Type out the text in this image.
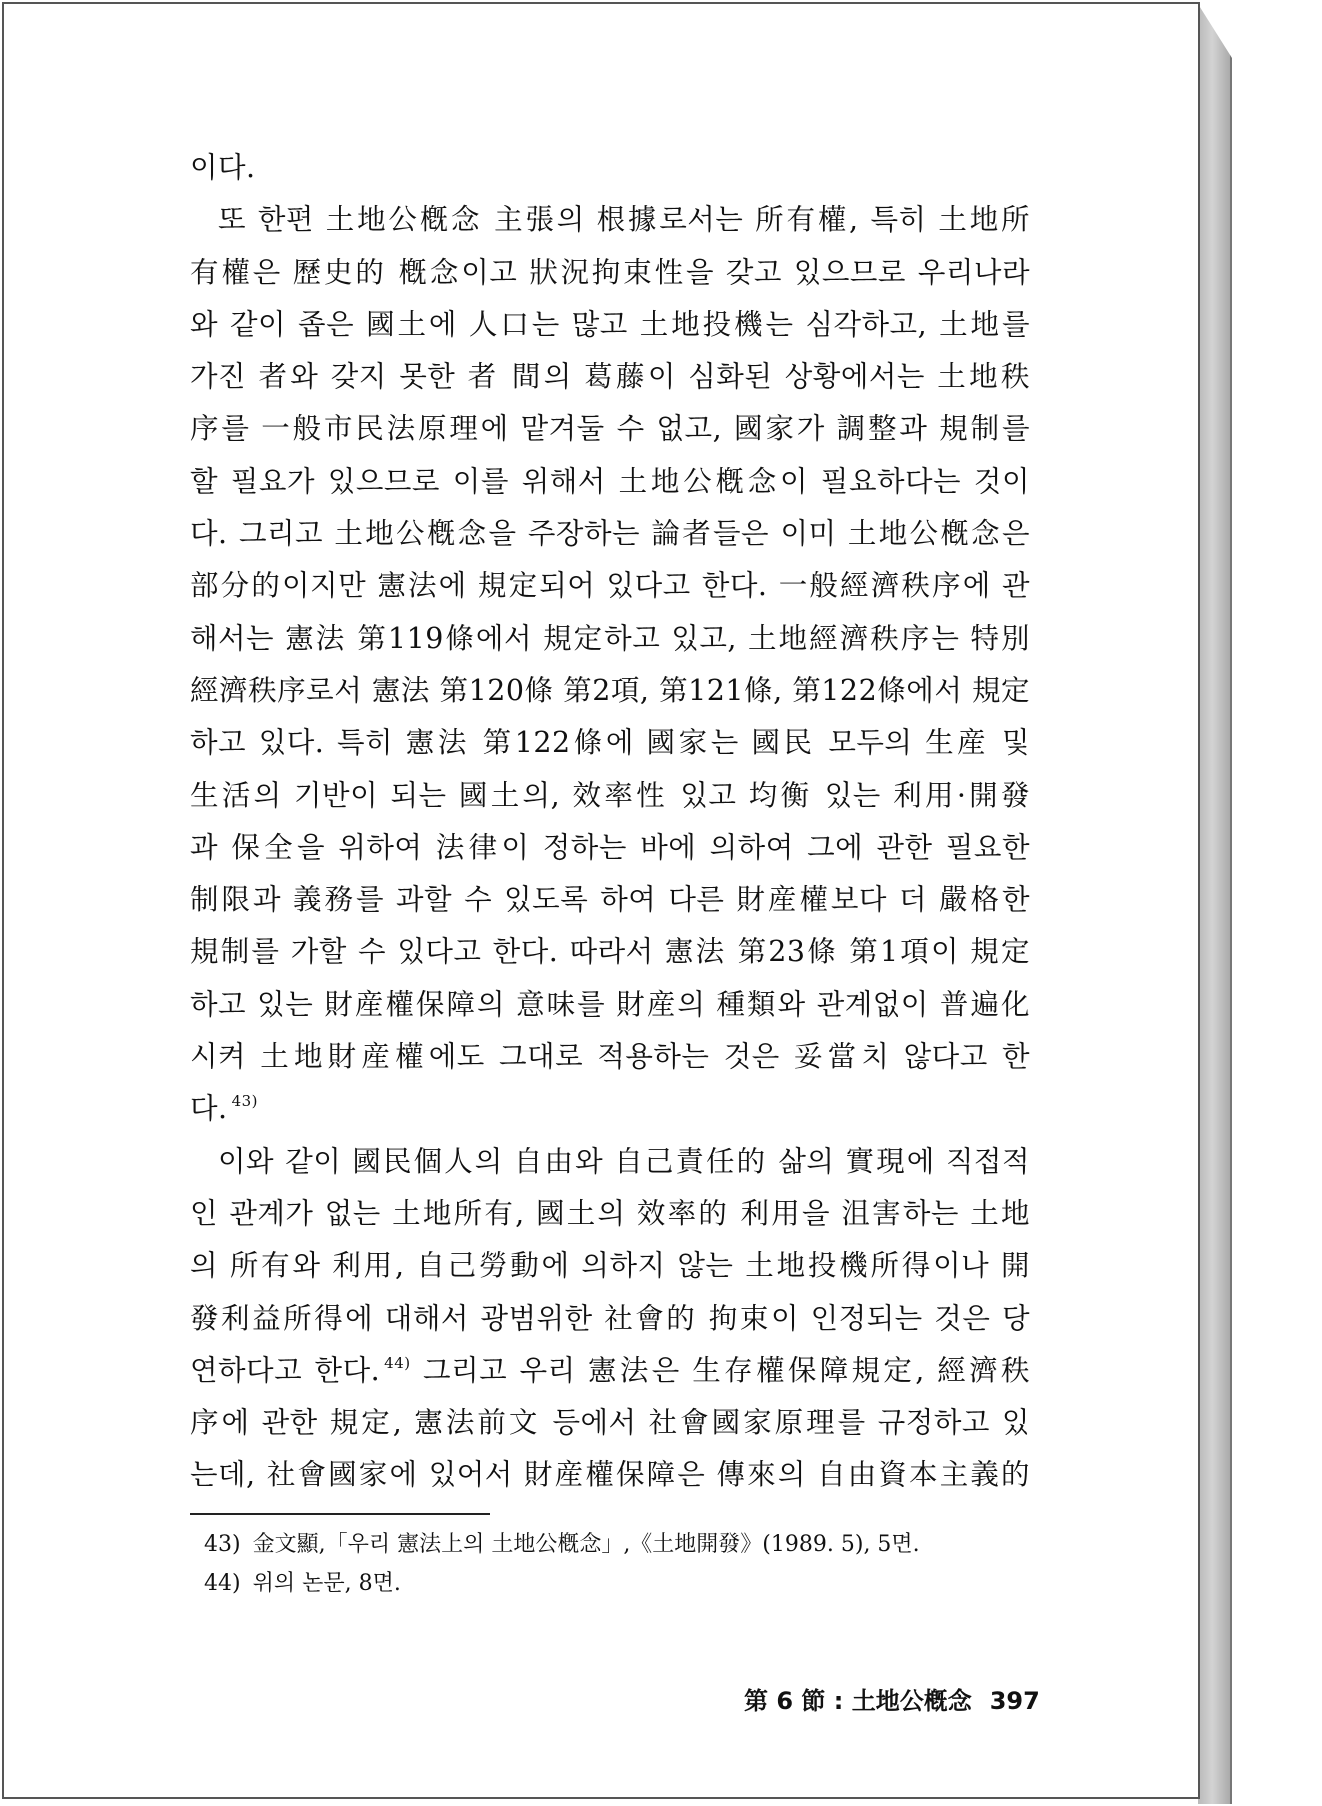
이다.
또 한편 土地公槪念 主張의 根據로서는 所有權, 특히 土地所
有權은 歷史的 槪念이고 狀況拘束性을 갖고 있으므로 우리나라
와 같이 좁은 國土에 人口는 많고 土地投機는 심각하고, 土地를
가진 者와 갖지 못한 者 間의 葛藤이 심화된 상황에서는 土地秩
序를 一般市民法原理에 맡겨둘 수 없고, 國家가 調整과 規制를
할 필요가 있으므로 이를 위해서 土地公槪念이 필요하다는 것이
다. 그리고 土地公槪念을 주장하는 論者들은 이미 土地公槪念은
部分的이지만 憲法에 規定되어 있다고 한다. 一般經濟秩序에 관
해서는 憲法 第119條에서 規定하고 있고, 土地經濟秩序는 特別
經濟秩序로서 憲法 第120條 第2項, 第121條, 第122條에서 規定
하고 있다. 특히 憲法 第122條에 國家는 國民 모두의 生産 및
生活의 기반이 되는 國土의, 效率性 있고 均衡 있는 利用·開發
과 保全을 위하여 法律이 정하는 바에 의하여 그에 관한 필요한
制限과 義務를 과할 수 있도록 하여 다른 財産權보다 더 嚴格한
規制를 가할 수 있다고 한다. 따라서 憲法 第23條 第1項이 規定
하고 있는 財産權保障의 意味를 財産의 種類와 관계없이 普遍化
시켜 土地財産權에도 그대로 적용하는 것은 妥當치 않다고 한
다. $^{43)}$
이와 같이 國民個人의 自由와 自己責任的 삶의 實現에 직접적
인 관계가 없는 土地所有, 國土의 效率的 利用을 沮害하는 土地
의 所有와 利用, 自己勞動에 의하지 않는 土地投機所得이나 開
發利益所得에 대해서 광범위한 社會的 拘束이 인정되는 것은 당
연하다고 한다. $^{44)}$ 그리고 우리 憲法은 生存權保障規定, 經濟秩
序에 관한 規定, 憲法前文 등에서 社會國家原理를 규정하고 있
는데, 社會國家에 있어서 財産權保障은 傳來의 自由資本主義的
43) 金文顯,「우리 憲法上의 土地公槪念」,《土地開發》(1989. 5), 5면.
44) 위의 논문, 8면.
第 6 節 : 土地公槪念 397
